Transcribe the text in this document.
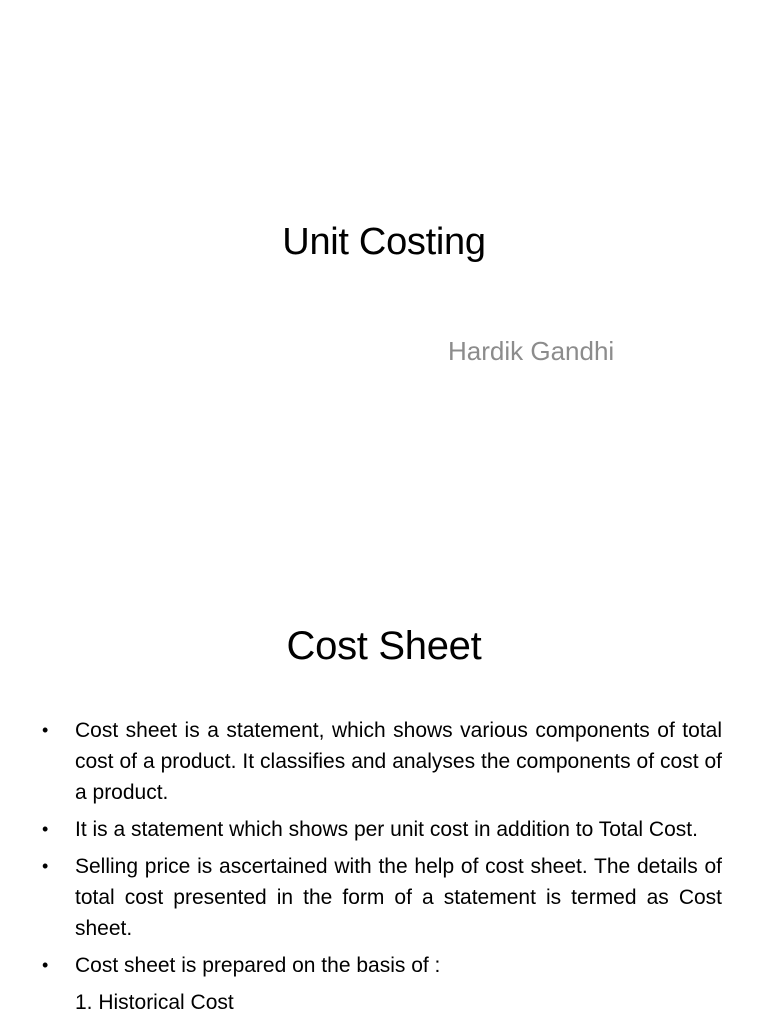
Unit Costing
Hardik Gandhi
Cost Sheet
• Cost sheet is a statement, which shows various components of total cost of a product. It classifies and analyses the components of cost of a product.
• It is a statement which shows per unit cost in addition to Total Cost.
• Selling price is ascertained with the help of cost sheet. The details of total cost presented in the form of a statement is termed as Cost sheet.
• Cost sheet is prepared on the basis of :
1. Historical Cost
